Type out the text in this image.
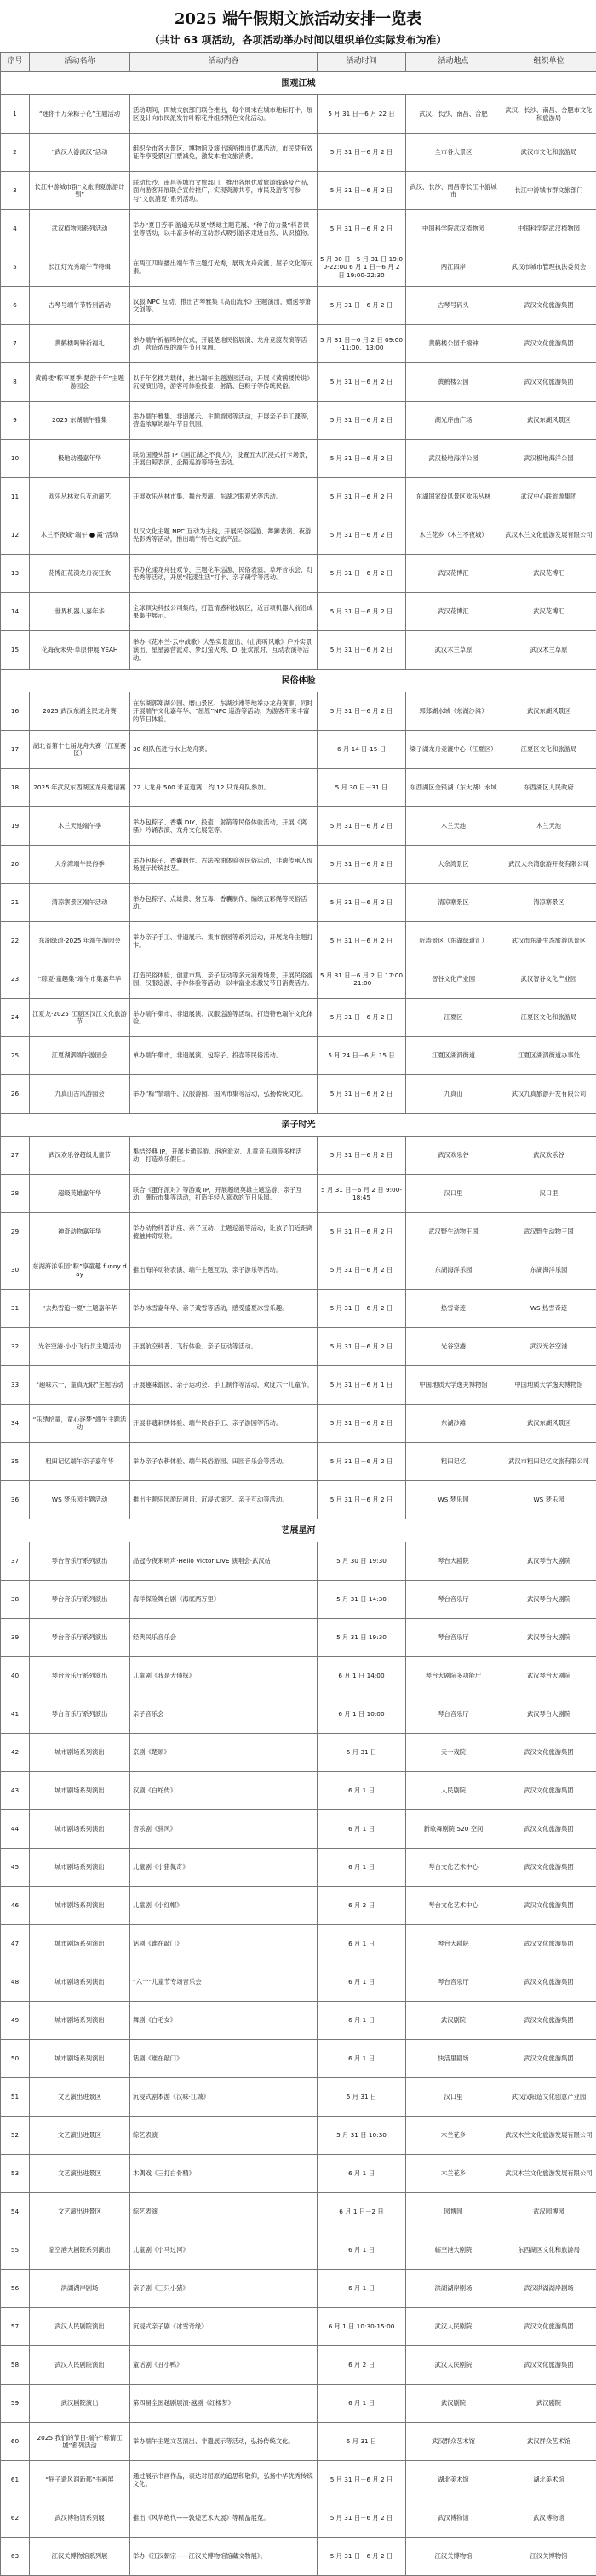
2025 端午假期文旅活动安排一览表
（共计 63 项活动，各项活动举办时间以组织单位实际发布为准）
序号	活动名称	活动内容	活动时间	活动地点	组织单位
围观江城					
1	“迷你十万朵粽子花”主题活动	活动期间，四城文旅部门联合推出，每个周末在城市地标打卡，展区设计向市民派发竹叶粽花并组织特色文化活动。	5 月 31 日－6 月 22 日	武汉、长沙、南昌、合肥	武汉、长沙、南昌、合肥市文化和旅游局
2	“武汉人游武汉”活动	组织全市各大景区、博物馆及演出场所推出优惠活动，市民凭有效证件享受景区门票减免，激发本地文旅消费。	5 月 31 日－6 月 2 日	全市各大景区	武汉市文化和旅游局
3	长江中游城市群“文旅消夏旅游计划”	联动长沙、南昌等城市文旅部门，推出各地优质旅游线路及产品，面向游客开展联合宣传推广，实现资源共享，市民及游客可参与“文旅消夏”系列活动。	5 月 31 日－6 月 2 日	武汉、长沙、南昌等长江中游城市	长江中游城市群文旅部门
4	武汉植物园系列活动	举办“夏日芳菲 游遍无尽夏”绣球主题花展、“种子的力量”科普课堂等活动，以丰富多样的互动形式吸引游客走进自然、认识植物。	5 月 31 日－6 月 2 日	中国科学院武汉植物园	中国科学院武汉植物园
5	长江灯光秀端午节特辑	在两江四岸播出端午节主题灯光秀，展现龙舟竞渡、屈子文化等元素。	5 月 30 日－5 月 31 日 19:00-22:00 6 月 1 日－6 月 2 日 19:00-22:30	两江四岸	武汉市城市管理执法委员会
6	古琴号端午节特别活动	汉服 NPC 互动，推出古琴雅集《高山流水》主题演出，赠送琴箫文创等。	5 月 31 日－6 月 2 日	古琴号码头	武汉文化旅游集团
7	黄鹤楼鸣钟祈福礼	举办端午祈福鸣钟仪式，开展楚地民俗展演、龙舟竞渡表演等活动，营造浓厚的端午节日氛围。	5 月 31 日－6 月 2 日 09:00-11:00、13:00	黄鹤楼公园千禧钟	武汉文化旅游集团
8	黄鹤楼“粽享夏季·楚韵千年”主题游园会	以千年名楼为载体，推出端午主题游园活动，开展《黄鹤楼传说》沉浸演出等，游客可体验投壶、射箭、包粽子等传统民俗。	5 月 31 日－6 月 2 日	黄鹤楼公园	武汉文化旅游集团
9	2025 东湖端午雅集	举办端午雅集、非遗展示、主题游园等活动，开展亲子手工课等，营造浓厚的端午节日氛围。	5 月 31 日－6 月 2 日	湖光序曲广场	武汉东湖风景区
10	极地动漫嘉年华	联动国漫头部 IP《画江湖之不良人》，设置五大沉浸式打卡场景，开展白鲸表演、企鹅巡游等特色活动。	5 月 31 日－6 月 2 日	武汉极地海洋公园	武汉极地海洋公园
11	欢乐丛林欢乐互动演艺	开展欢乐丛林市集、舞台表演、东湖之眼观光等活动。	5 月 31 日－6 月 2 日	东湖国家级风景区欢乐丛林	武汉中心联旅游集团
12	木兰不夜城“端午 ● 霞”活动	以汉文化主题 NPC 互动为主线，开展民俗巡游、舞狮表演、夜游光影秀等活动，推出端午特色文旅产品。	5 月 31 日－6 月 2 日	木兰花乡（木兰不夜城）	武汉木兰文化旅游发展有限公司
13	花博汇花漾龙舟夜狂欢	举办花漾龙舟狂欢节、主题花车巡游、民俗表演、草坪音乐会、灯光秀等活动，开展“花漾生活”打卡、亲子研学等活动。	5 月 31 日－6 月 2 日	武汉花博汇	武汉花博汇
14	世界机器人嘉年华	全球顶尖科技公司集结，打造情感科技展区，近百项机器人前沿成果集中展示。	5 月 31 日－6 月 2 日	武汉花博汇	武汉花博汇
15	花海夜未央·草原伸展 YEAH	举办《花木兰·云中战歌》大型实景演出、《山海听风歌》户外实景演出、星星露营派对、梦幻萤火秀、DJ 狂欢派对、互动表演等活动。	5 月 31 日－6 月 2 日	武汉木兰草原	武汉木兰草原
民俗体验					
16	2025 武汉东湖全民龙舟赛	在东湖郭郑湖公园、磨山景区、东湖沙滩等地举办龙舟赛事，同时开展端午文化嘉年华、“屈原”NPC 巡游等活动，为游客带来丰富的节日体验。	5 月 31 日－6 月 2 日	郭郑湖水域（东湖沙滩）	武汉东湖风景区
17	湖北省第十七届龙舟大赛（江夏赛区）	30 组队伍进行水上龙舟赛。	6 月 14 日-15 日	梁子湖龙舟竞渡中心（江夏区）	江夏区文化和旅游局
18	2025 年武汉东西湖区龙舟邀请赛	22 人龙舟 500 米直道赛，约 12 只龙舟队参加。	5 月 30 日－31 日	东西湖区金银湖（东大湖）水域	东西湖区人民政府
19	木兰天池端午季	举办包粽子、香囊 DIY、投壶、射箭等民俗体验活动，开展《离骚》吟诵表演、龙舟文化展览等。	5 月 31 日－6 月 2 日	木兰天池	木兰天池
20	大余湾端午民俗季	举办包粽子、香囊制作、古法榨油体验等民俗活动，非遗传承人现场展示传统技艺。	5 月 31 日－6 月 2 日	大余湾景区	武汉大余湾旅游开发有限公司
21	清凉寨景区端午活动	举办包粽子、点雄黄、射五毒、香囊制作、编织五彩绳等民俗活动。	5 月 31 日－6 月 2 日	清凉寨景区	清凉寨景区
22	东湖绿道·2025 年端午游园会	举办亲子手工、非遗展示、集市游园等系列活动，开展龙舟主题打卡。	5 月 31 日－6 月 2 日	听涛景区（东湖绿道汇）	武汉市东湖生态旅游风景区
23	“粽夏·童趣集”端午市集嘉年华	打造民俗体验、创意市集、亲子互动等多元消费场景，开展民俗游园、汉服巡游、手作体验等活动，以丰富业态激发节日消费活力。	5 月 31 日－6 月 2 日 17:00-21:00	智谷文化产业园	武汉智谷文化产业园
24	江夏龙·2025 江夏区汉江文化旅游节	举办端午集市、非遗展演、汉服巡游等活动，打造特色端午文化体验。	5 月 31 日－6 月 2 日	江夏区	江夏区文化和旅游局
25	江夏湖泗端午游园会	单办端午集市，非遗展演、包粽子、投壶等民俗活动。	5 月 24 日－6 月 15 日	江夏区湖泗街道	江夏区湖泗街道办事处
26	九真山古风游园会	举办“粽”情端午、汉服游园、国风市集等活动，弘扬传统文化。	5 月 31 日－6 月 2 日	九真山	武汉九真旅游开发有限公司
亲子时光					
27	武汉欢乐谷超级儿童节	集结经典 IP，开展卡通巡游、泡泡派对、儿童音乐剧等多样活动，打造欢乐假日。	5 月 31 日－6 月 2 日	武汉欢乐谷	武汉欢乐谷
28	超级英雄嘉年华	联合《蛋仔派对》等游戏 IP，开展超级英雄主题巡游、亲子互动、潮玩市集等活动，打造年轻人喜欢的节日乐园。	5 月 31 日－6 月 2 日 9:00-18:45	汉口里	汉口里
29	神奇动物嘉年华	举办动物科普讲座、亲子互动、主题巡游等活动，让孩子们近距离接触神奇动物。	5 月 31 日－6 月 2 日	武汉野生动物王国	武汉野生动物王国
30	东湖海洋乐园“粽”享童趣 funny day	推出海洋动物表演、端午主题互动、亲子游乐等活动。	5 月 31 日－6 月 2 日	东湖海洋乐园	东湖海洋乐园
31	“去热雪追一夏”主题嘉年华	举办冰雪嘉年华、亲子戏雪等活动，感受盛夏冰雪乐趣。	5 月 31 日－6 月 2 日	热雪奇迹	WS 热雪奇迹
32	光谷空港·小小飞行员主题活动	开展航空科普、飞行体验、亲子互动等活动。	5 月 31 日－6 月 2 日	光谷空港	武汉光谷空港
33	“趣味六一，童真无限”主题活动	开展趣味游园、亲子运动会、手工制作等活动，欢度六一儿童节。	5 月 31 日－6 月 1 日	中国地质大学逸夫博物馆	中国地质大学逸夫博物馆
34	“乐绣拾童，童心逐梦”端午主题活动	开展非遗刺绣体验、端午民俗手工、亲子游园等活动。	5 月 31 日－6 月 2 日	东湖沙滩	武汉东湖风景区
35	粗田记忆端午亲子嘉年华	举办亲子农耕体验、端午民俗游园、田园音乐会等活动。	5 月 31 日－6 月 2 日	粗田记忆	武汉市粗田记忆文旅有限公司
36	WS 梦乐园主题活动	推出主题乐园游玩项目、沉浸式演艺、亲子互动等活动。	5 月 31 日－6 月 2 日	WS 梦乐园	WS 梦乐园
艺展星河					
37	琴台音乐厅系列演出	品冠今夜来听声·Hello Victor LIVE 演唱会·武汉站	5 月 30 日 19:30	琴台大剧院	武汉琴台大剧院
38	琴台音乐厅系列演出	海洋探险舞台剧《海底两万里》	5 月 31 日 14:30	琴台音乐厅	武汉琴台大剧院
39	琴台音乐厅系列演出	经典民乐音乐会	5 月 31 日 19:30	琴台音乐厅	武汉琴台大剧院
40	琴台音乐厅系列演出	儿童剧《我是大侦探》	6 月 1 日 14:00	琴台大剧院多功能厅	武汉琴台大剧院
41	琴台音乐厅系列演出	亲子音乐会	6 月 1 日 10:00	琴台音乐厅	武汉琴台大剧院
42	城市剧场系列演出	京剧《楚颂》	5 月 31 日	天一戏院	武汉文化旅游集团
43	城市剧场系列演出	汉剧《白蛇传》	6 月 1 日	人民剧院	武汉文化旅游集团
44	城市剧场系列演出	音乐剧《辞风》	6 月 1 日	新歌舞剧院 520 空间	武汉文化旅游集团
45	城市剧场系列演出	儿童剧《小猪佩奇》	6 月 1 日	琴台文化艺术中心	武汉文化旅游集团
46	城市剧场系列演出	儿童剧《小红帽》	6 月 2 日	琴台文化艺术中心	武汉文化旅游集团
47	城市剧场系列演出	话剧《谁在敲门》	6 月 1 日	琴台大剧院	武汉文化旅游集团
48	城市剧场系列演出	“六一”儿童节专场音乐会	6 月 1 日	琴台音乐厅	武汉文化旅游集团
49	城市剧场系列演出	舞剧《白毛女》	6 月 1 日	武汉剧院	武汉文化旅游集团
50	城市剧场系列演出	话剧《谁在敲门》	6 月 1 日	快活里剧场	武汉文化旅游集团
51	文艺演出进景区	沉浸式剧本游《汉味·江城》	5 月 31 日	汉口里	武汉汉阳造文化创意产业园
52	文艺演出进景区	综艺表演	5 月 31 日 10:30	木兰花乡	武汉木兰文化旅游发展有限公司
53	文艺演出进景区	木偶戏《三打白骨精》	6 月 1 日	木兰花乡	武汉木兰文化旅游发展有限公司
54	文艺演出进景区	综艺表演	6 月 1 日－2 日	园博园	武汉园博园
55	临空港大剧院系列演出	儿童剧《小马过河》	6 月 1 日	临空港大剧院	东西湖区文化和旅游局
56	洪湖湖岸剧场	亲子剧《三只小猪》	6 月 1 日	洪湖湖岸剧场	武汉洪湖湖岸剧场
57	武汉人民剧院演出	沉浸式亲子剧《冰雪奇缘》	6 月 1 日 10:30-15:00	武汉人民剧院	武汉文化旅游集团
58	武汉人民剧院演出	童话剧《丑小鸭》	6 月 2 日	武汉人民剧院	武汉文化旅游集团
59	武汉剧院演出	第四届全国越剧展演·越剧《红楼梦》	6 月 1 日	武汉剧院	武汉剧院
60	2025 我们的节日·端午“粽情江城”系列活动	举办端午主题文艺演出、非遗展示等活动，弘扬传统文化。	5 月 31 日	武汉群众艺术馆	武汉群众艺术馆
61	“屈子遗风润新都”书画展	通过展示书画作品，表达对屈原的追思和敬仰，弘扬中华优秀传统文化。	5 月 31 日－6 月 2 日	湖北美术馆	湖北美术馆
62	武汉博物馆系列展	推出《风华绝代——敦煌艺术大展》等精品展览。	5 月 31 日－6 月 2 日	武汉博物馆	武汉博物馆
63	江汉关博物馆系列展	举办《江汉朝宗——江汉关博物馆馆藏文物展》。	5 月 31 日－6 月 2 日	江汉关博物馆	江汉关博物馆
